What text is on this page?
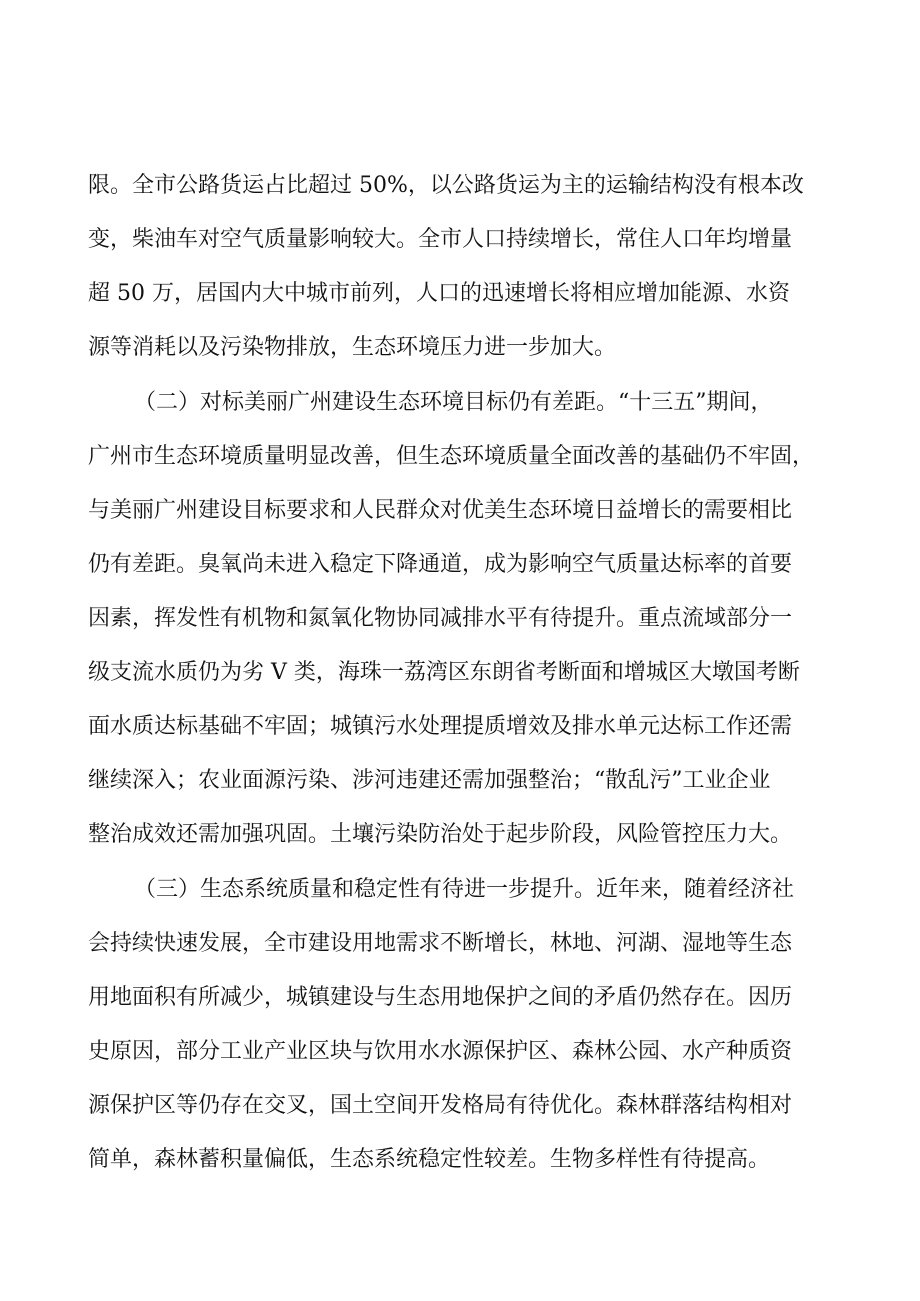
限。全市公路货运占比超过 50%，以公路货运为主的运输结构没有根本改
变，柴油车对空气质量影响较大。全市人口持续增长，常住人口年均增量
超 50 万，居国内大中城市前列，人口的迅速增长将相应增加能源、水资
源等消耗以及污染物排放，生态环境压力进一步加大。
（二）对标美丽广州建设生态环境目标仍有差距。“十三五”期间，
广州市生态环境质量明显改善，但生态环境质量全面改善的基础仍不牢固，
与美丽广州建设目标要求和人民群众对优美生态环境日益增长的需要相比
仍有差距。臭氧尚未进入稳定下降通道，成为影响空气质量达标率的首要
因素，挥发性有机物和氮氧化物协同减排水平有待提升。重点流域部分一
级支流水质仍为劣 V 类，海珠一荔湾区东朗省考断面和增城区大墩国考断
面水质达标基础不牢固；城镇污水处理提质增效及排水单元达标工作还需
继续深入；农业面源污染、涉河违建还需加强整治；“散乱污”工业企业
整治成效还需加强巩固。土壤污染防治处于起步阶段，风险管控压力大。
（三）生态系统质量和稳定性有待进一步提升。近年来，随着经济社
会持续快速发展，全市建设用地需求不断增长，林地、河湖、湿地等生态
用地面积有所减少，城镇建设与生态用地保护之间的矛盾仍然存在。因历
史原因，部分工业产业区块与饮用水水源保护区、森林公园、水产种质资
源保护区等仍存在交叉，国土空间开发格局有待优化。森林群落结构相对
简单，森林蓄积量偏低，生态系统稳定性较差。生物多样性有待提高。
